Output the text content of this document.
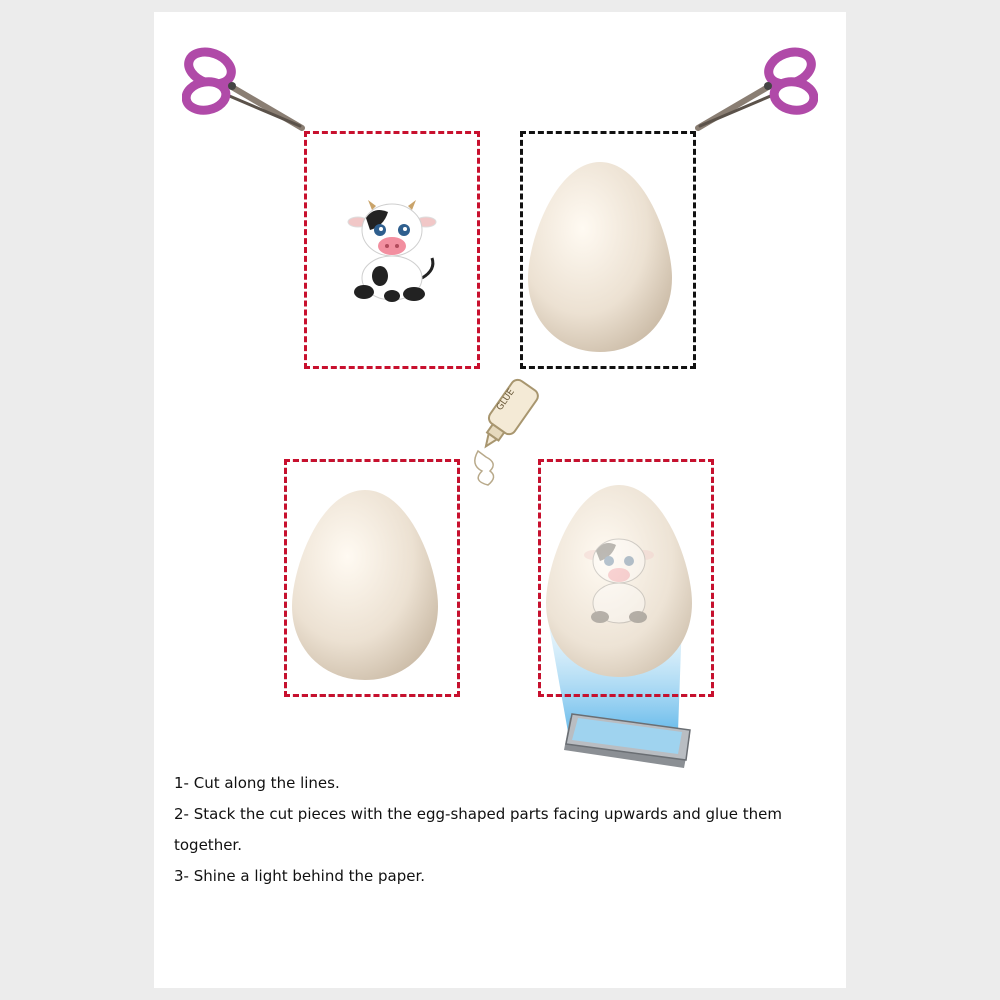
GLUE

1- Cut along the lines.

2- Stack the cut pieces with the egg-shaped parts facing upwards and glue them together.

3- Shine a light behind the paper.
